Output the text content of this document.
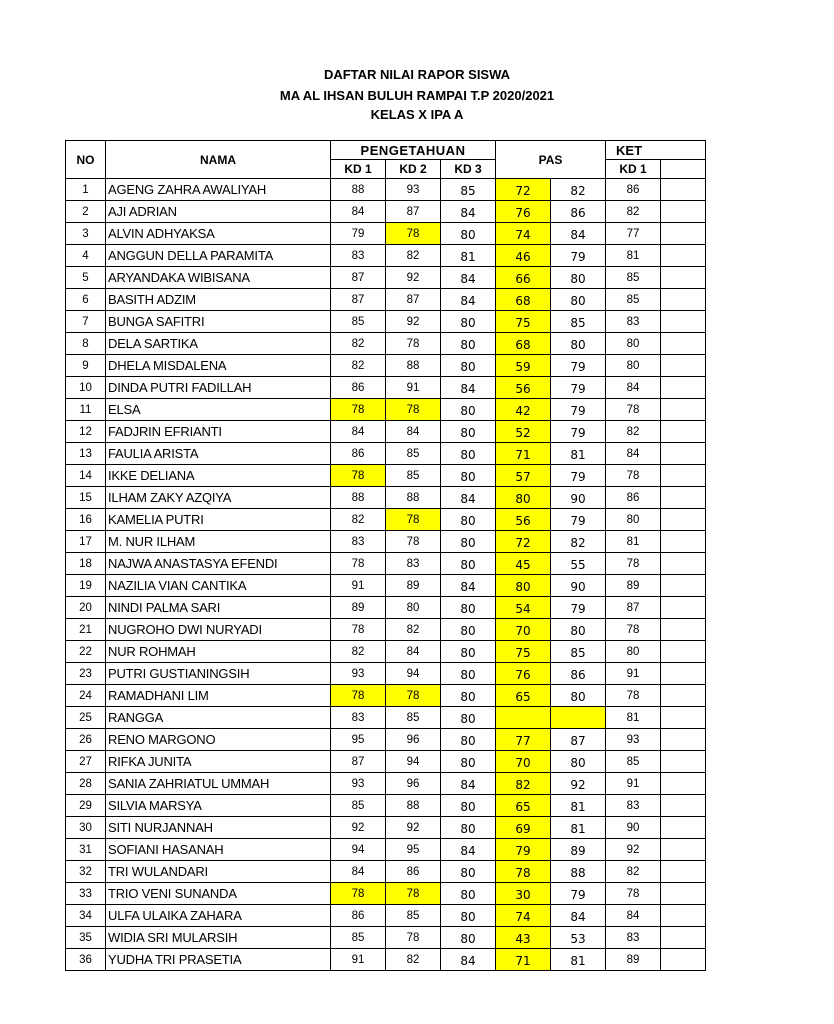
DAFTAR NILAI RAPOR SISWA
MA AL IHSAN BULUH RAMPAI T.P 2020/2021
KELAS X IPA A
NO	NAMA	PENGETAHUAN			PAS		KET	
		KD 1	KD 2	KD 3			KD 1	
1	AGENG ZAHRA AWALIYAH	88	93	85	72	82	86	
2	AJI ADRIAN	84	87	84	76	86	82	
3	ALVIN ADHYAKSA	79	78	80	74	84	77	
4	ANGGUN DELLA PARAMITA	83	82	81	46	79	81	
5	ARYANDAKA WIBISANA	87	92	84	66	80	85	
6	BASITH ADZIM	87	87	84	68	80	85	
7	BUNGA SAFITRI	85	92	80	75	85	83	
8	DELA SARTIKA	82	78	80	68	80	80	
9	DHELA MISDALENA	82	88	80	59	79	80	
10	DINDA PUTRI FADILLAH	86	91	84	56	79	84	
11	ELSA	78	78	80	42	79	78	
12	FADJRIN EFRIANTI	84	84	80	52	79	82	
13	FAULIA ARISTA	86	85	80	71	81	84	
14	IKKE DELIANA	78	85	80	57	79	78	
15	ILHAM ZAKY AZQIYA	88	88	84	80	90	86	
16	KAMELIA PUTRI	82	78	80	56	79	80	
17	M. NUR ILHAM	83	78	80	72	82	81	
18	NAJWA ANASTASYA EFENDI	78	83	80	45	55	78	
19	NAZILIA VIAN CANTIKA	91	89	84	80	90	89	
20	NINDI PALMA SARI	89	80	80	54	79	87	
21	NUGROHO DWI NURYADI	78	82	80	70	80	78	
22	NUR ROHMAH	82	84	80	75	85	80	
23	PUTRI GUSTIANINGSIH	93	94	80	76	86	91	
24	RAMADHANI LIM	78	78	80	65	80	78	
25	RANGGA	83	85	80			81	
26	RENO MARGONO	95	96	80	77	87	93	
27	RIFKA JUNITA	87	94	80	70	80	85	
28	SANIA ZAHRIATUL UMMAH	93	96	84	82	92	91	
29	SILVIA MARSYA	85	88	80	65	81	83	
30	SITI NURJANNAH	92	92	80	69	81	90	
31	SOFIANI HASANAH	94	95	84	79	89	92	
32	TRI WULANDARI	84	86	80	78	88	82	
33	TRIO VENI SUNANDA	78	78	80	30	79	78	
34	ULFA ULAIKA ZAHARA	86	85	80	74	84	84	
35	WIDIA SRI MULARSIH	85	78	80	43	53	83	
36	YUDHA TRI PRASETIA	91	82	84	71	81	89	
